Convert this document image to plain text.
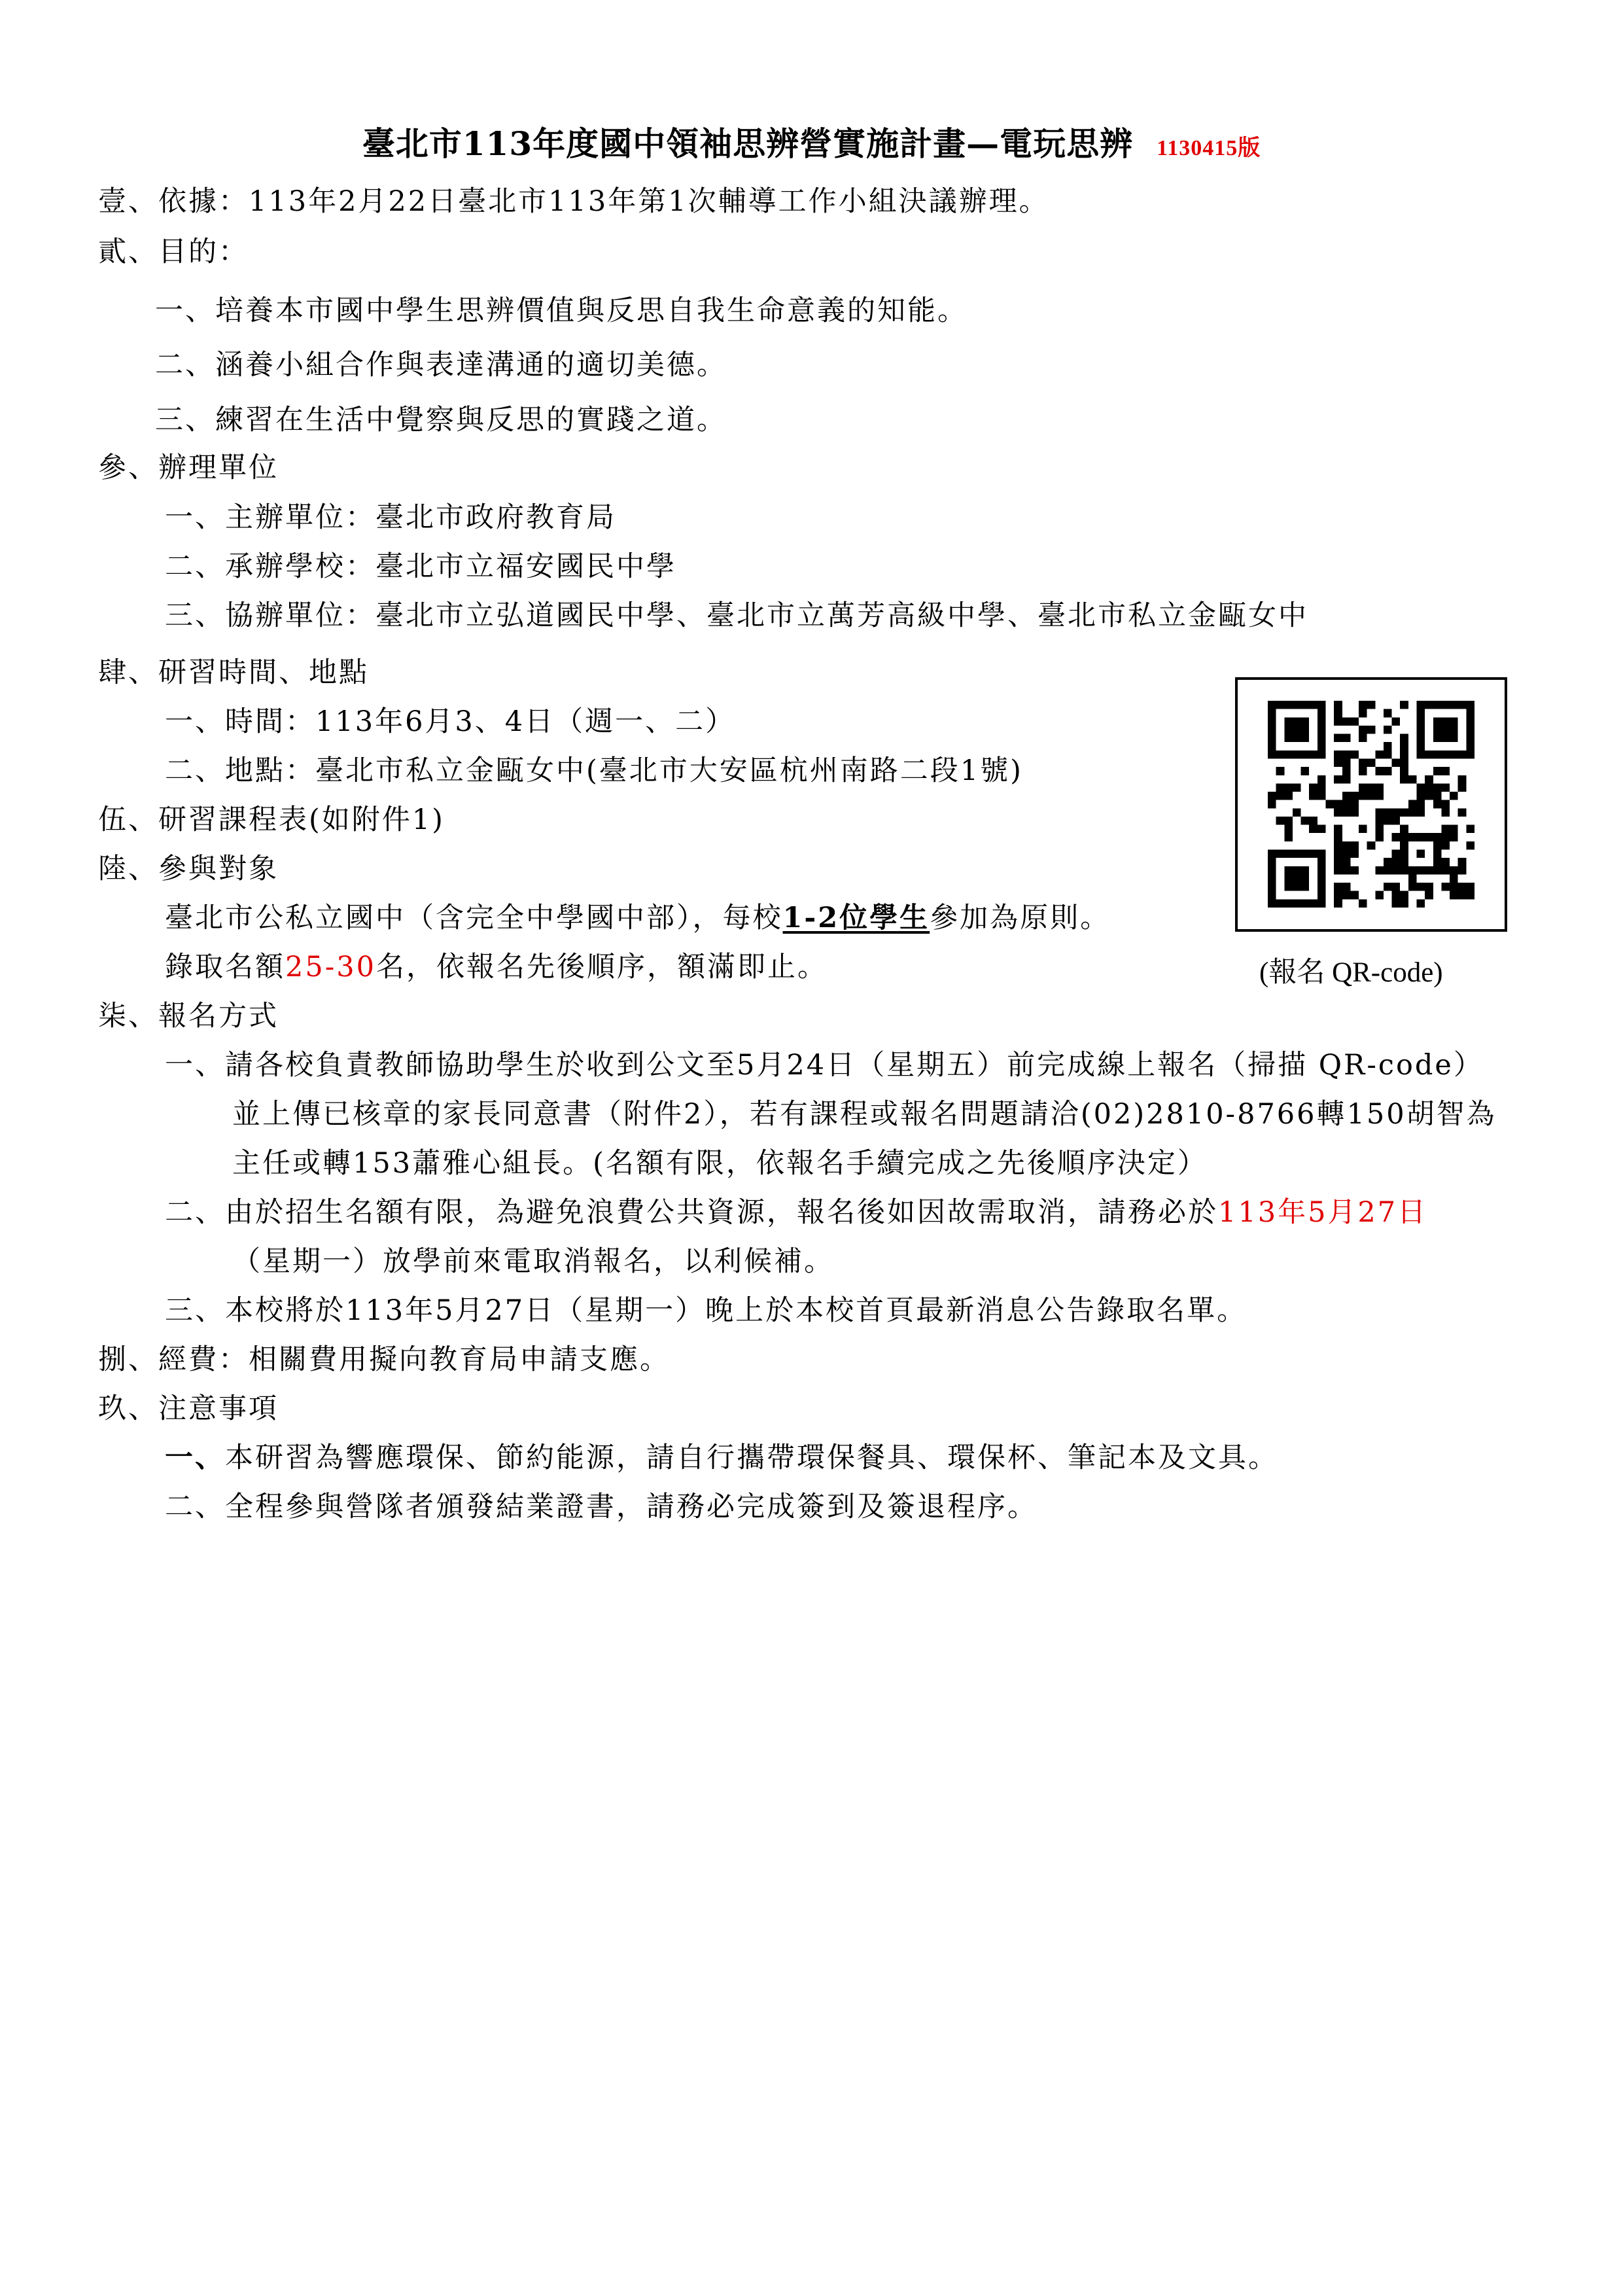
臺北市113年度國中領袖思辨營實施計畫—電玩思辨 1130415版
壹、依據：113年2月22日臺北市113年第1次輔導工作小組決議辦理。
貳、目的：
一、培養本市國中學生思辨價值與反思自我生命意義的知能。
二、涵養小組合作與表達溝通的適切美德。
三、練習在生活中覺察與反思的實踐之道。
參、辦理單位
一、主辦單位：臺北市政府教育局
二、承辦學校：臺北市立福安國民中學
三、協辦單位：臺北市立弘道國民中學、臺北市立萬芳高級中學、臺北市私立金甌女中
肆、研習時間、地點
一、時間：113年6月3、4日（週一、二）
二、地點：臺北市私立金甌女中(臺北市大安區杭州南路二段1號)
伍、研習課程表(如附件1)
陸、參與對象
臺北市公私立國中（含完全中學國中部），每校1-2位學生參加為原則。
錄取名額25-30名，依報名先後順序，額滿即止。	(報名 QR-code)
柒、報名方式
一、請各校負責教師協助學生於收到公文至5月24日（星期五）前完成線上報名（掃描 QR-code）
並上傳已核章的家長同意書（附件2），若有課程或報名問題請洽(02)2810-8766轉150胡智為
主任或轉153蕭雅心組長。(名額有限，依報名手續完成之先後順序決定）
二、由於招生名額有限，為避免浪費公共資源，報名後如因故需取消，請務必於113年5月27日
（星期一）放學前來電取消報名，以利候補。
三、本校將於113年5月27日（星期一）晚上於本校首頁最新消息公告錄取名單。
捌、經費：相關費用擬向教育局申請支應。
玖、注意事項
一、本研習為響應環保、節約能源，請自行攜帶環保餐具、環保杯、筆記本及文具。
二、全程參與營隊者頒發結業證書，請務必完成簽到及簽退程序。
